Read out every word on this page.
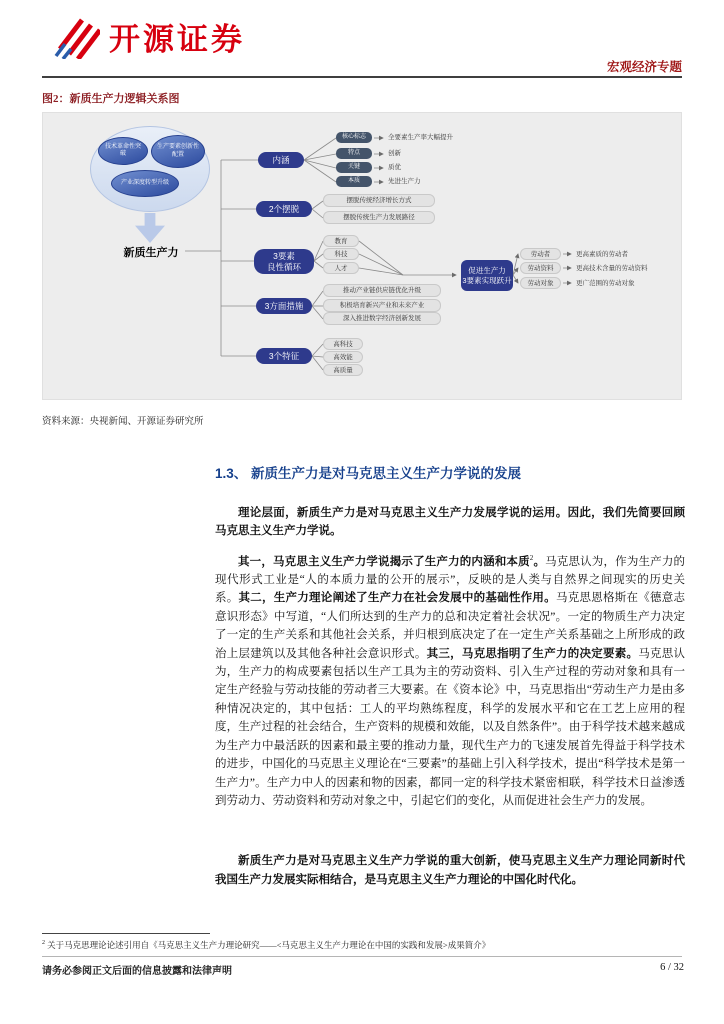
开源证券
宏观经济专题
图2：新质生产力逻辑关系图
技术革命性突破
生产要素创新性配置
产业深度转型升级
新质生产力
内涵
核心标志	全要素生产率大幅提升
特点	创新
关键	质优
本质	先进生产力
2个摆脱
摆脱传统经济增长方式
摆脱传统生产力发展路径
3要素
良性循环
教育
科技
人才
3方面措施
推动产业链供应链优化升级
积极培育新兴产业和未来产业
深入推进数字经济创新发展
3个特征
高科技
高效能
高质量
促进生产力
3要素实现跃升
劳动者	更高素质的劳动者
劳动资料	更高技术含量的劳动资料
劳动对象	更广范围的劳动对象
资料来源：央视新闻、开源证券研究所
1.3、 新质生产力是对马克思主义生产力学说的发展

理论层面，新质生产力是对马克思主义生产力发展学说的运用。因此，我们先简要回顾马克思主义生产力学说。

其一，马克思主义生产力学说揭示了生产力的内涵和本质$^2$。马克思认为，作为生产力的现代形式工业是“人的本质力量的公开的展示”，反映的是人类与自然界之间现实的历史关系。其二，生产力理论阐述了生产力在社会发展中的基础性作用。马克思恩格斯在《德意志意识形态》中写道，“人们所达到的生产力的总和决定着社会状况”。一定的物质生产力决定了一定的生产关系和其他社会关系，并归根到底决定了在一定生产关系基础之上所形成的政治上层建筑以及其他各种社会意识形式。其三，马克思指明了生产力的决定要素。马克思认为，生产力的构成要素包括以生产工具为主的劳动资料、引入生产过程的劳动对象和具有一定生产经验与劳动技能的劳动者三大要素。在《资本论》中，马克思指出“劳动生产力是由多种情况决定的，其中包括：工人的平均熟练程度，科学的发展水平和它在工艺上应用的程度，生产过程的社会结合，生产资料的规模和效能，以及自然条件”。由于科学技术越来越成为生产力中最活跃的因素和最主要的推动力量，现代生产力的飞速发展首先得益于科学技术的进步，中国化的马克思主义理论在“三要素”的基础上引入科学技术，提出“科学技术是第一生产力”。生产力中人的因素和物的因素，都同一定的科学技术紧密相联，科学技术日益渗透到劳动力、劳动资料和劳动对象之中，引起它们的变化，从而促进社会生产力的发展。

新质生产力是对马克思主义生产力学说的重大创新，使马克思主义生产力理论同新时代我国生产力发展实际相结合，是马克思主义生产力理论的中国化时代化。

$^2$ 关于马克思理论论述引用自《马克思主义生产力理论研究——<马克思主义生产力理论在中国的实践和发展>成果简介》
请务必参阅正文后面的信息披露和法律声明	6 / 32
